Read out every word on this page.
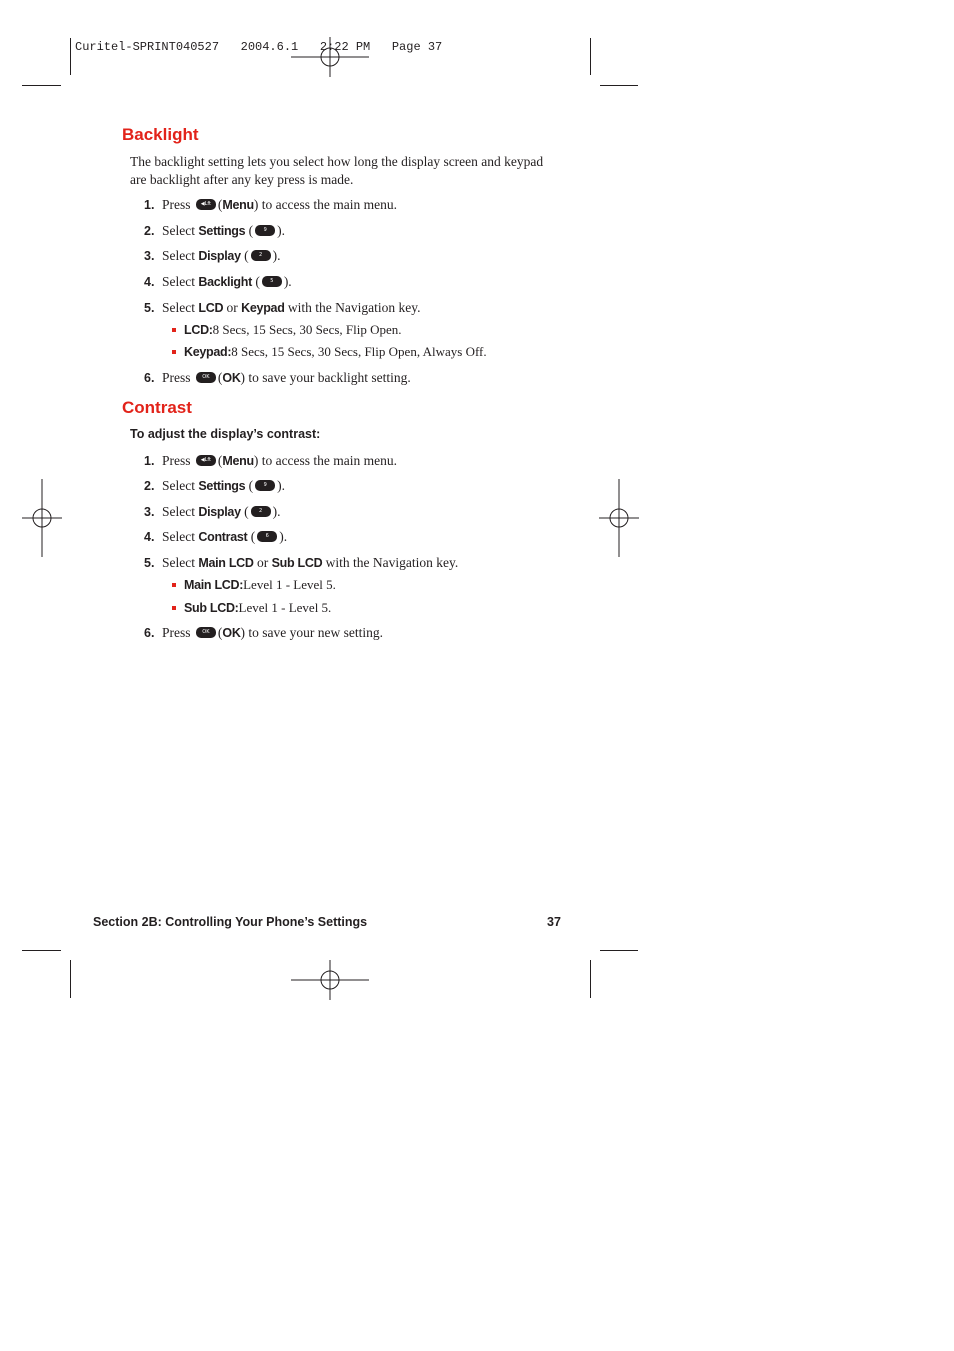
Curitel-SPRINT040527   2004.6.1   2:22 PM   Page 37
Backlight

The backlight setting lets you select how long the display screen and keypad are backlight after any key press is made.

1. Press ◀Lft (Menu) to access the main menu.
2. Select Settings ( 9 ).
3. Select Display ( 2 ).
4. Select Backlight ( 5 ).
5. Select LCD or Keypad with the Navigation key.
LCD:8 Secs, 15 Secs, 30 Secs, Flip Open.
Keypad:8 Secs, 15 Secs, 30 Secs, Flip Open, Always Off.
6. Press OK (OK) to save your backlight setting.
Contrast

To adjust the display’s contrast:

1. Press ◀Lft (Menu) to access the main menu.
2. Select Settings ( 9 ).
3. Select Display ( 2 ).
4. Select Contrast ( 6 ).
5. Select Main LCD or Sub LCD with the Navigation key.
Main LCD:Level 1 - Level 5.
Sub LCD:Level 1 - Level 5.
6. Press OK (OK) to save your new setting.

Section 2B: Controlling Your Phone’s Settings	37
